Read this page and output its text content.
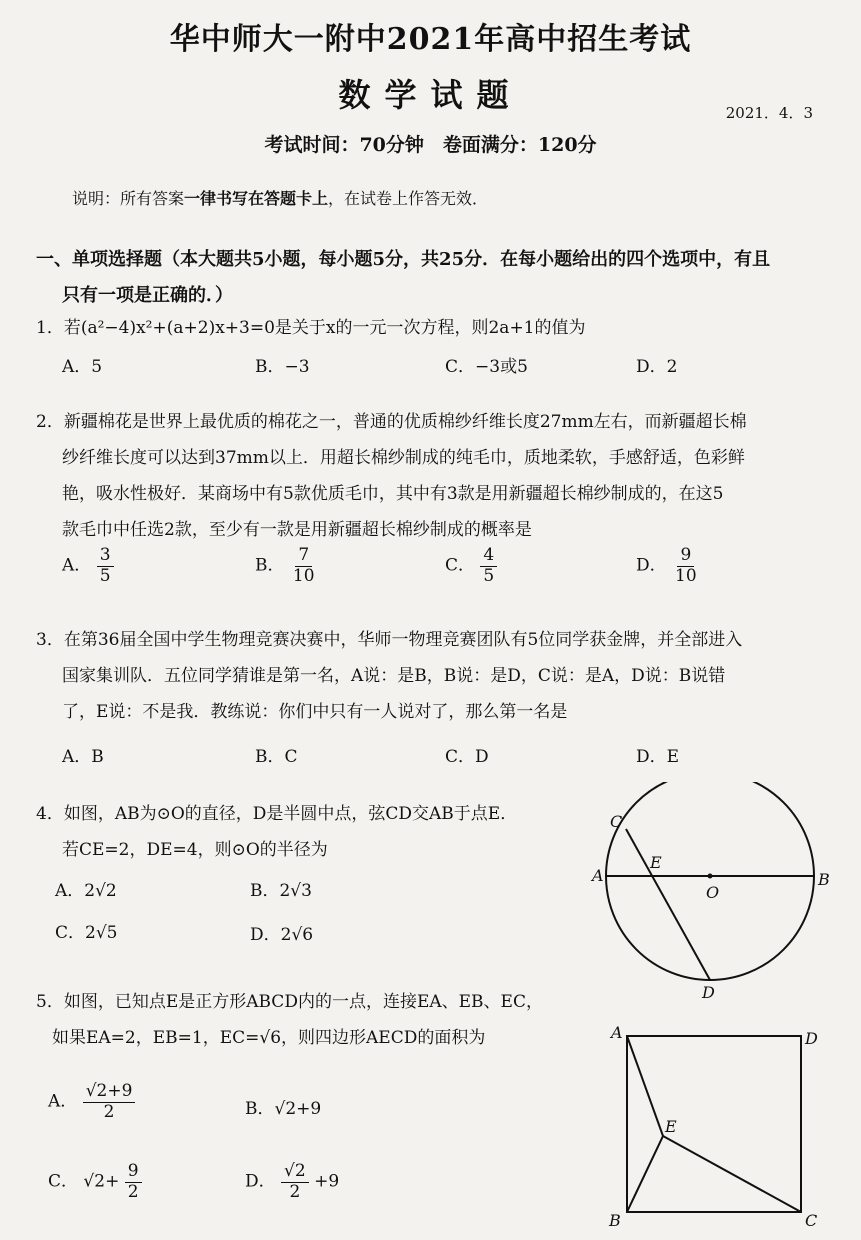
华中师大一附中2021年高中招生考试
数学试题	2021．4．3
考试时间：70分钟　卷面满分：120分
说明：所有答案一律书写在答题卡上，在试卷上作答无效．
一、单项选择题（本大题共5小题，每小题5分，共25分．在每小题给出的四个选项中，有且
只有一项是正确的．）
1．若(a²−4)x²+(a+2)x+3=0是关于x的一元一次方程，则2a+1的值为
A．5	B．−3	C．−3或5	D．2
2．新疆棉花是世界上最优质的棉花之一，普通的优质棉纱纤维长度27mm左右，而新疆超长棉
纱纤维长度可以达到37mm以上．用超长棉纱制成的纯毛巾，质地柔软，手感舒适，色彩鲜
艳，吸水性极好．某商场中有5款优质毛巾，其中有3款是用新疆超长棉纱制成的，在这5
款毛巾中任选2款，至少有一款是用新疆超长棉纱制成的概率是
A． $\frac{3}{5}$	B． $\frac{7}{10}$	C． $\frac{4}{5}$	D． $\frac{9}{10}$
3．在第36届全国中学生物理竞赛决赛中，华师一物理竞赛团队有5位同学获金牌，并全部进入
国家集训队．五位同学猜谁是第一名，A说：是B，B说：是D，C说：是A，D说：B说错
了，E说：不是我．教练说：你们中只有一人说对了，那么第一名是
A．B	B．C	C．D	D．E
4．如图，AB为⊙O的直径，D是半圆中点，弦CD交AB于点E．
若CE=2，DE=4，则⊙O的半径为
A．2√2	B．2√3
C．2√5	D．2√6
A	B
C
D
E
O
5．如图，已知点E是正方形ABCD内的一点，连接EA、EB、EC，
如果EA=2，EB=1，EC=√6，则四边形AECD的面积为
A． $\frac{√2+9}{2}$	B．√2+9
C． $√2+ \frac{9}{2}$	D． $\frac{√2}{2} +9$
A	D
B	C
E
